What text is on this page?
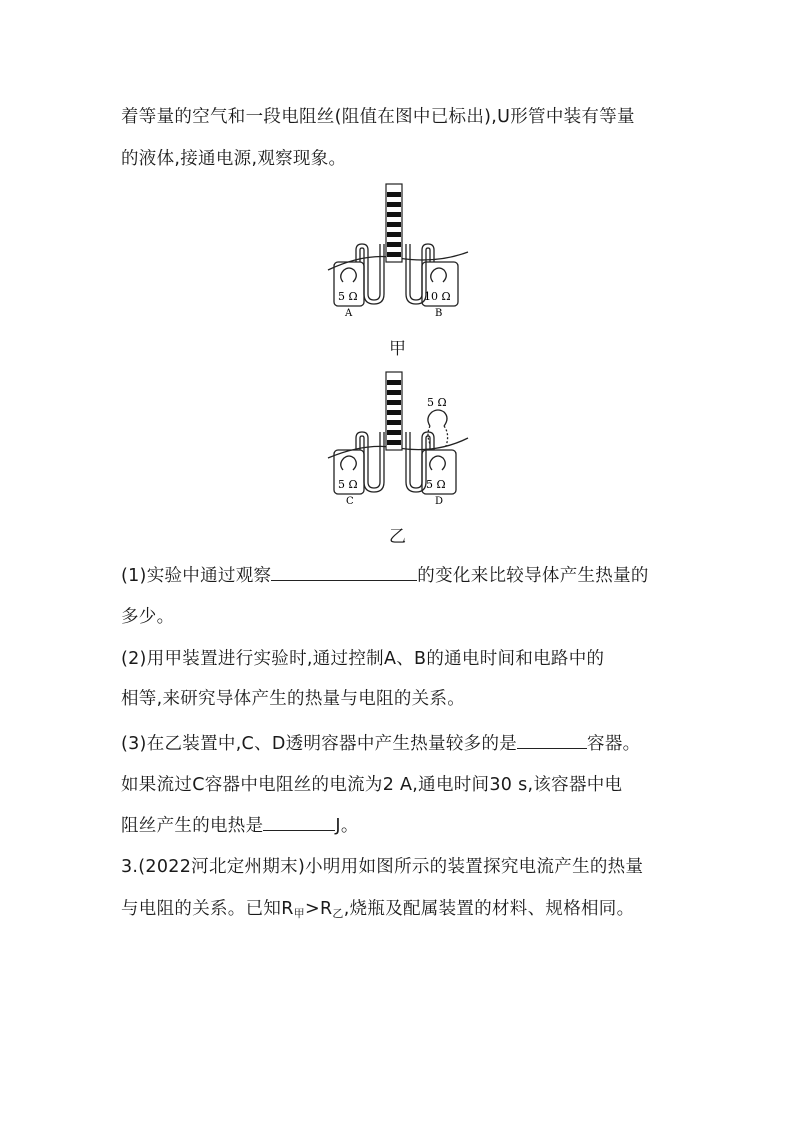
着等量的空气和一段电阻丝(阻值在图中已标出),U形管中装有等量
的液体,接通电源,观察现象。
5 Ω	10 Ω
A	B
甲
5 Ω
5 Ω	5 Ω
C	D
乙
(1)实验中通过观察	的变化来比较导体产生热量的
多少。
(2)用甲装置进行实验时,通过控制A、B的通电时间和电路中的
相等,来研究导体产生的热量与电阻的关系。
(3)在乙装置中,C、D透明容器中产生热量较多的是	容器。
如果流过C容器中电阻丝的电流为2 A,通电时间30 s,该容器中电
阻丝产生的电热是	J。
3.(2022河北定州期末)小明用如图所示的装置探究电流产生的热量
与电阻的关系。已知$R_甲>R_乙$,烧瓶及配属装置的材料、规格相同。
